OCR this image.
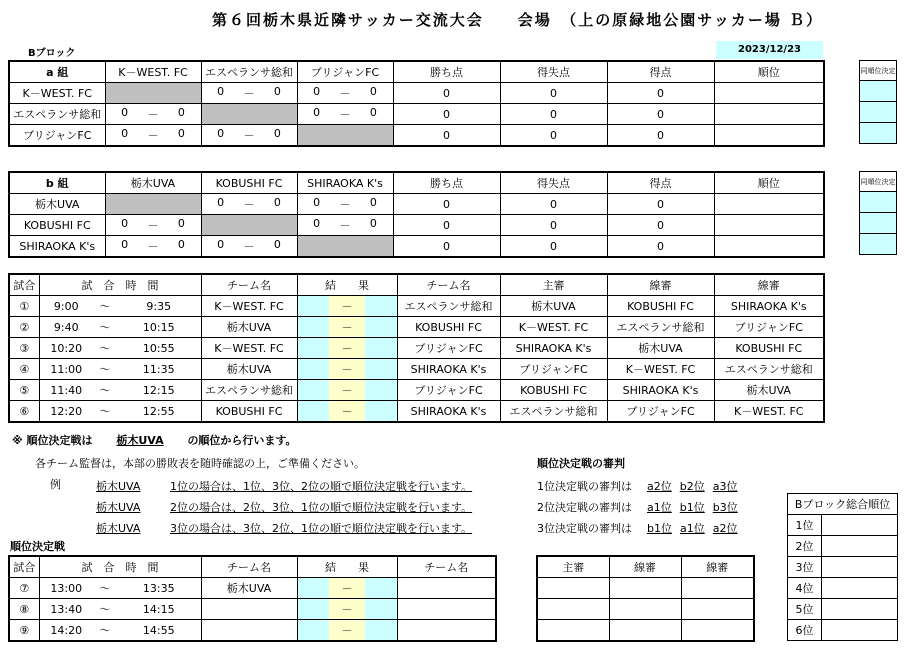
第６回栃木県近隣サッカー交流大会　　会場　（上の原緑地公園サッカー場 Ｂ）
Bブロック	2023/12/23
a 組	K－WEST. FC	エスペランサ総和	ブリジャンFC	勝ち点	得失点	得点	順位
K－WEST. FC		0 － 0	0 － 0	0	0	0	
エスペランサ総和	0 － 0		0 － 0	0	0	0	
ブリジャンFC	0 － 0	0 － 0		0	0	0	
b 組	栃木UVA	KOBUSHI FC	SHIRAOKA K's	勝ち点	得失点	得点	順位
栃木UVA		0 － 0	0 － 0	0	0	0	
KOBUSHI FC	0 － 0		0 － 0	0	0	0	
SHIRAOKA K's	0 － 0	0 － 0		0	0	0	
同順位決定

同順位決定

試合	試　合　時　間			チーム名	結　　果			チーム名	主審	線審	線審
①	9:00	～	9:35	K－WEST. FC		－		エスペランサ総和	栃木UVA	KOBUSHI FC	SHIRAOKA K's
②	9:40	～	10:15	栃木UVA		－		KOBUSHI FC	K－WEST. FC	エスペランサ総和	ブリジャンFC
③	10:20	～	10:55	K－WEST. FC		－		ブリジャンFC	SHIRAOKA K's	栃木UVA	KOBUSHI FC
④	11:00	～	11:35	栃木UVA		－		SHIRAOKA K's	ブリジャンFC	K－WEST. FC	エスペランサ総和
⑤	11:40	～	12:15	エスペランサ総和		－		ブリジャンFC	KOBUSHI FC	SHIRAOKA K's	栃木UVA
⑥	12:20	～	12:55	KOBUSHI FC		－		SHIRAOKA K's	エスペランサ総和	ブリジャンFC	K－WEST. FC
※ 順位決定戦は 栃木UVA の順位から行います。
各チーム監督は，本部の勝敗表を随時確認の上，ご準備ください。
例	栃木UVA	1位の場合は、1位、3位、2位の順で順位決定戦を行います。
栃木UVA	2位の場合は、2位、3位、1位の順で順位決定戦を行います。
栃木UVA	3位の場合は、3位、2位、1位の順で順位決定戦を行います。
順位決定戦の審判
1位決定戦の審判は a2位 b2位 a3位
2位決定戦の審判は a1位 b1位 b3位
3位決定戦の審判は b1位 a1位 a2位
順位決定戦
試合	試　合　時　間			チーム名	結　　果			チーム名
⑦	13:00	～	13:35	栃木UVA		－		
⑧	13:40	～	14:15			－		
⑨	14:20	～	14:55			－		
主審	線審	線審

Bブロック総合順位	
1位	
2位	
3位	
4位	
5位	
6位	
